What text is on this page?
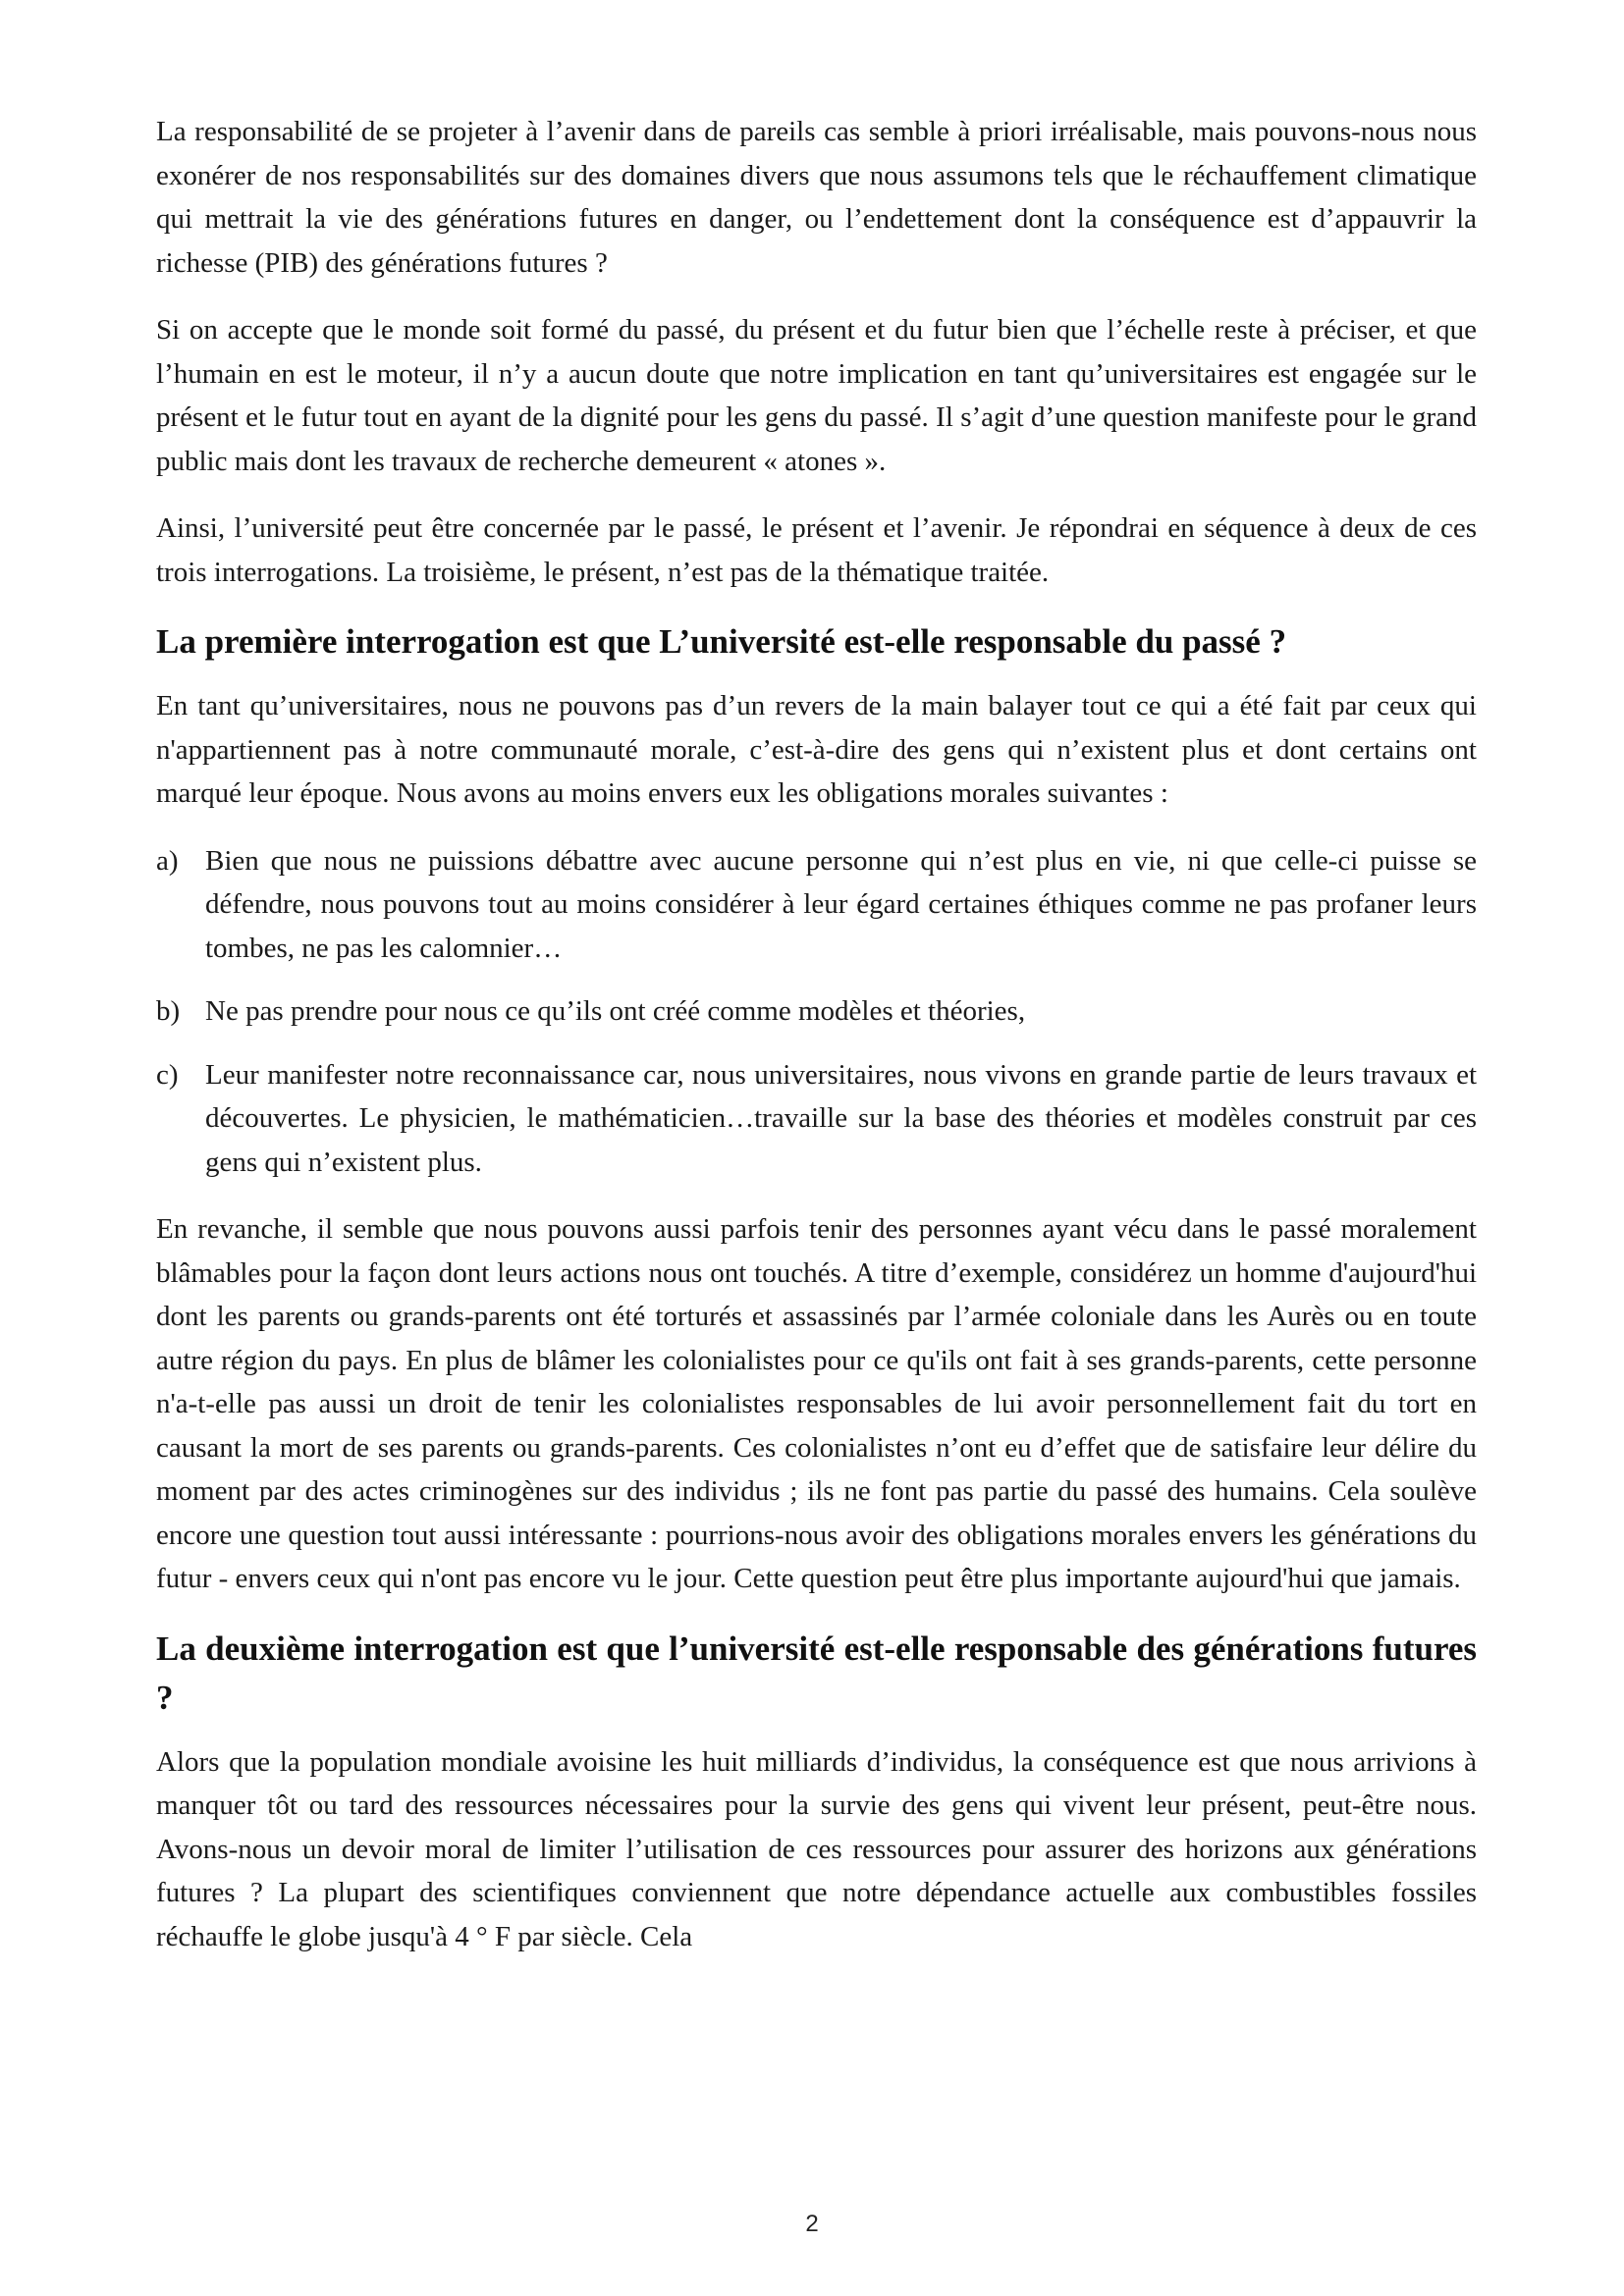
La responsabilité de se projeter à l’avenir dans de pareils cas semble à priori irréalisable, mais pouvons-nous nous exonérer de nos responsabilités sur des domaines divers que nous assumons tels que le réchauffement climatique qui mettrait la vie des générations futures en danger, ou l’endettement dont la conséquence est d’appauvrir la richesse (PIB) des générations futures ?

Si on accepte que le monde soit formé du passé, du présent et du futur bien que l’échelle reste à préciser, et que l’humain en est le moteur, il n’y a aucun doute que notre implication en tant qu’universitaires est engagée sur le présent et le futur tout en ayant de la dignité pour les gens du passé. Il s’agit d’une question manifeste pour le grand public mais dont les travaux de recherche demeurent « atones ».

Ainsi, l’université peut être concernée par le passé, le présent et l’avenir. Je répondrai en séquence à deux de ces trois interrogations. La troisième, le présent, n’est pas de la thématique traitée.

La première interrogation est que L’université est-elle responsable du passé ?

En tant qu’universitaires, nous ne pouvons pas d’un revers de la main balayer tout ce qui a été fait par ceux qui n'appartiennent pas à notre communauté morale, c’est-à-dire des gens qui n’existent plus et dont certains ont marqué leur époque. Nous avons au moins envers eux les obligations morales suivantes :

a) Bien que nous ne puissions débattre avec aucune personne qui n’est plus en vie, ni que celle-ci puisse se défendre, nous pouvons tout au moins considérer à leur égard certaines éthiques comme ne pas profaner leurs tombes, ne pas les calomnier…
b) Ne pas prendre pour nous ce qu’ils ont créé comme modèles et théories,
c) Leur manifester notre reconnaissance car, nous universitaires, nous vivons en grande partie de leurs travaux et découvertes. Le physicien, le mathématicien…travaille sur la base des théories et modèles construit par ces gens qui n’existent plus.

En revanche, il semble que nous pouvons aussi parfois tenir des personnes ayant vécu dans le passé moralement blâmables pour la façon dont leurs actions nous ont touchés. A titre d’exemple, considérez un homme d'aujourd'hui dont les parents ou grands-parents ont été torturés et assassinés par l’armée coloniale dans les Aurès ou en toute autre région du pays. En plus de blâmer les colonialistes pour ce qu'ils ont fait à ses grands-parents, cette personne n'a-t-elle pas aussi un droit de tenir les colonialistes responsables de lui avoir personnellement fait du tort en causant la mort de ses parents ou grands-parents. Ces colonialistes n’ont eu d’effet que de satisfaire leur délire du moment par des actes criminogènes sur des individus ; ils ne font pas partie du passé des humains. Cela soulève encore une question tout aussi intéressante : pourrions-nous avoir des obligations morales envers les générations du futur - envers ceux qui n'ont pas encore vu le jour. Cette question peut être plus importante aujourd'hui que jamais.

La deuxième interrogation est que l’université est-elle responsable des générations futures ?

Alors que la population mondiale avoisine les huit milliards d’individus, la conséquence est que nous arrivions à manquer tôt ou tard des ressources nécessaires pour la survie des gens qui vivent leur présent, peut-être nous. Avons-nous un devoir moral de limiter l’utilisation de ces ressources pour assurer des horizons aux générations futures ? La plupart des scientifiques conviennent que notre dépendance actuelle aux combustibles fossiles réchauffe le globe jusqu'à 4 ° F par siècle. Cela

2
